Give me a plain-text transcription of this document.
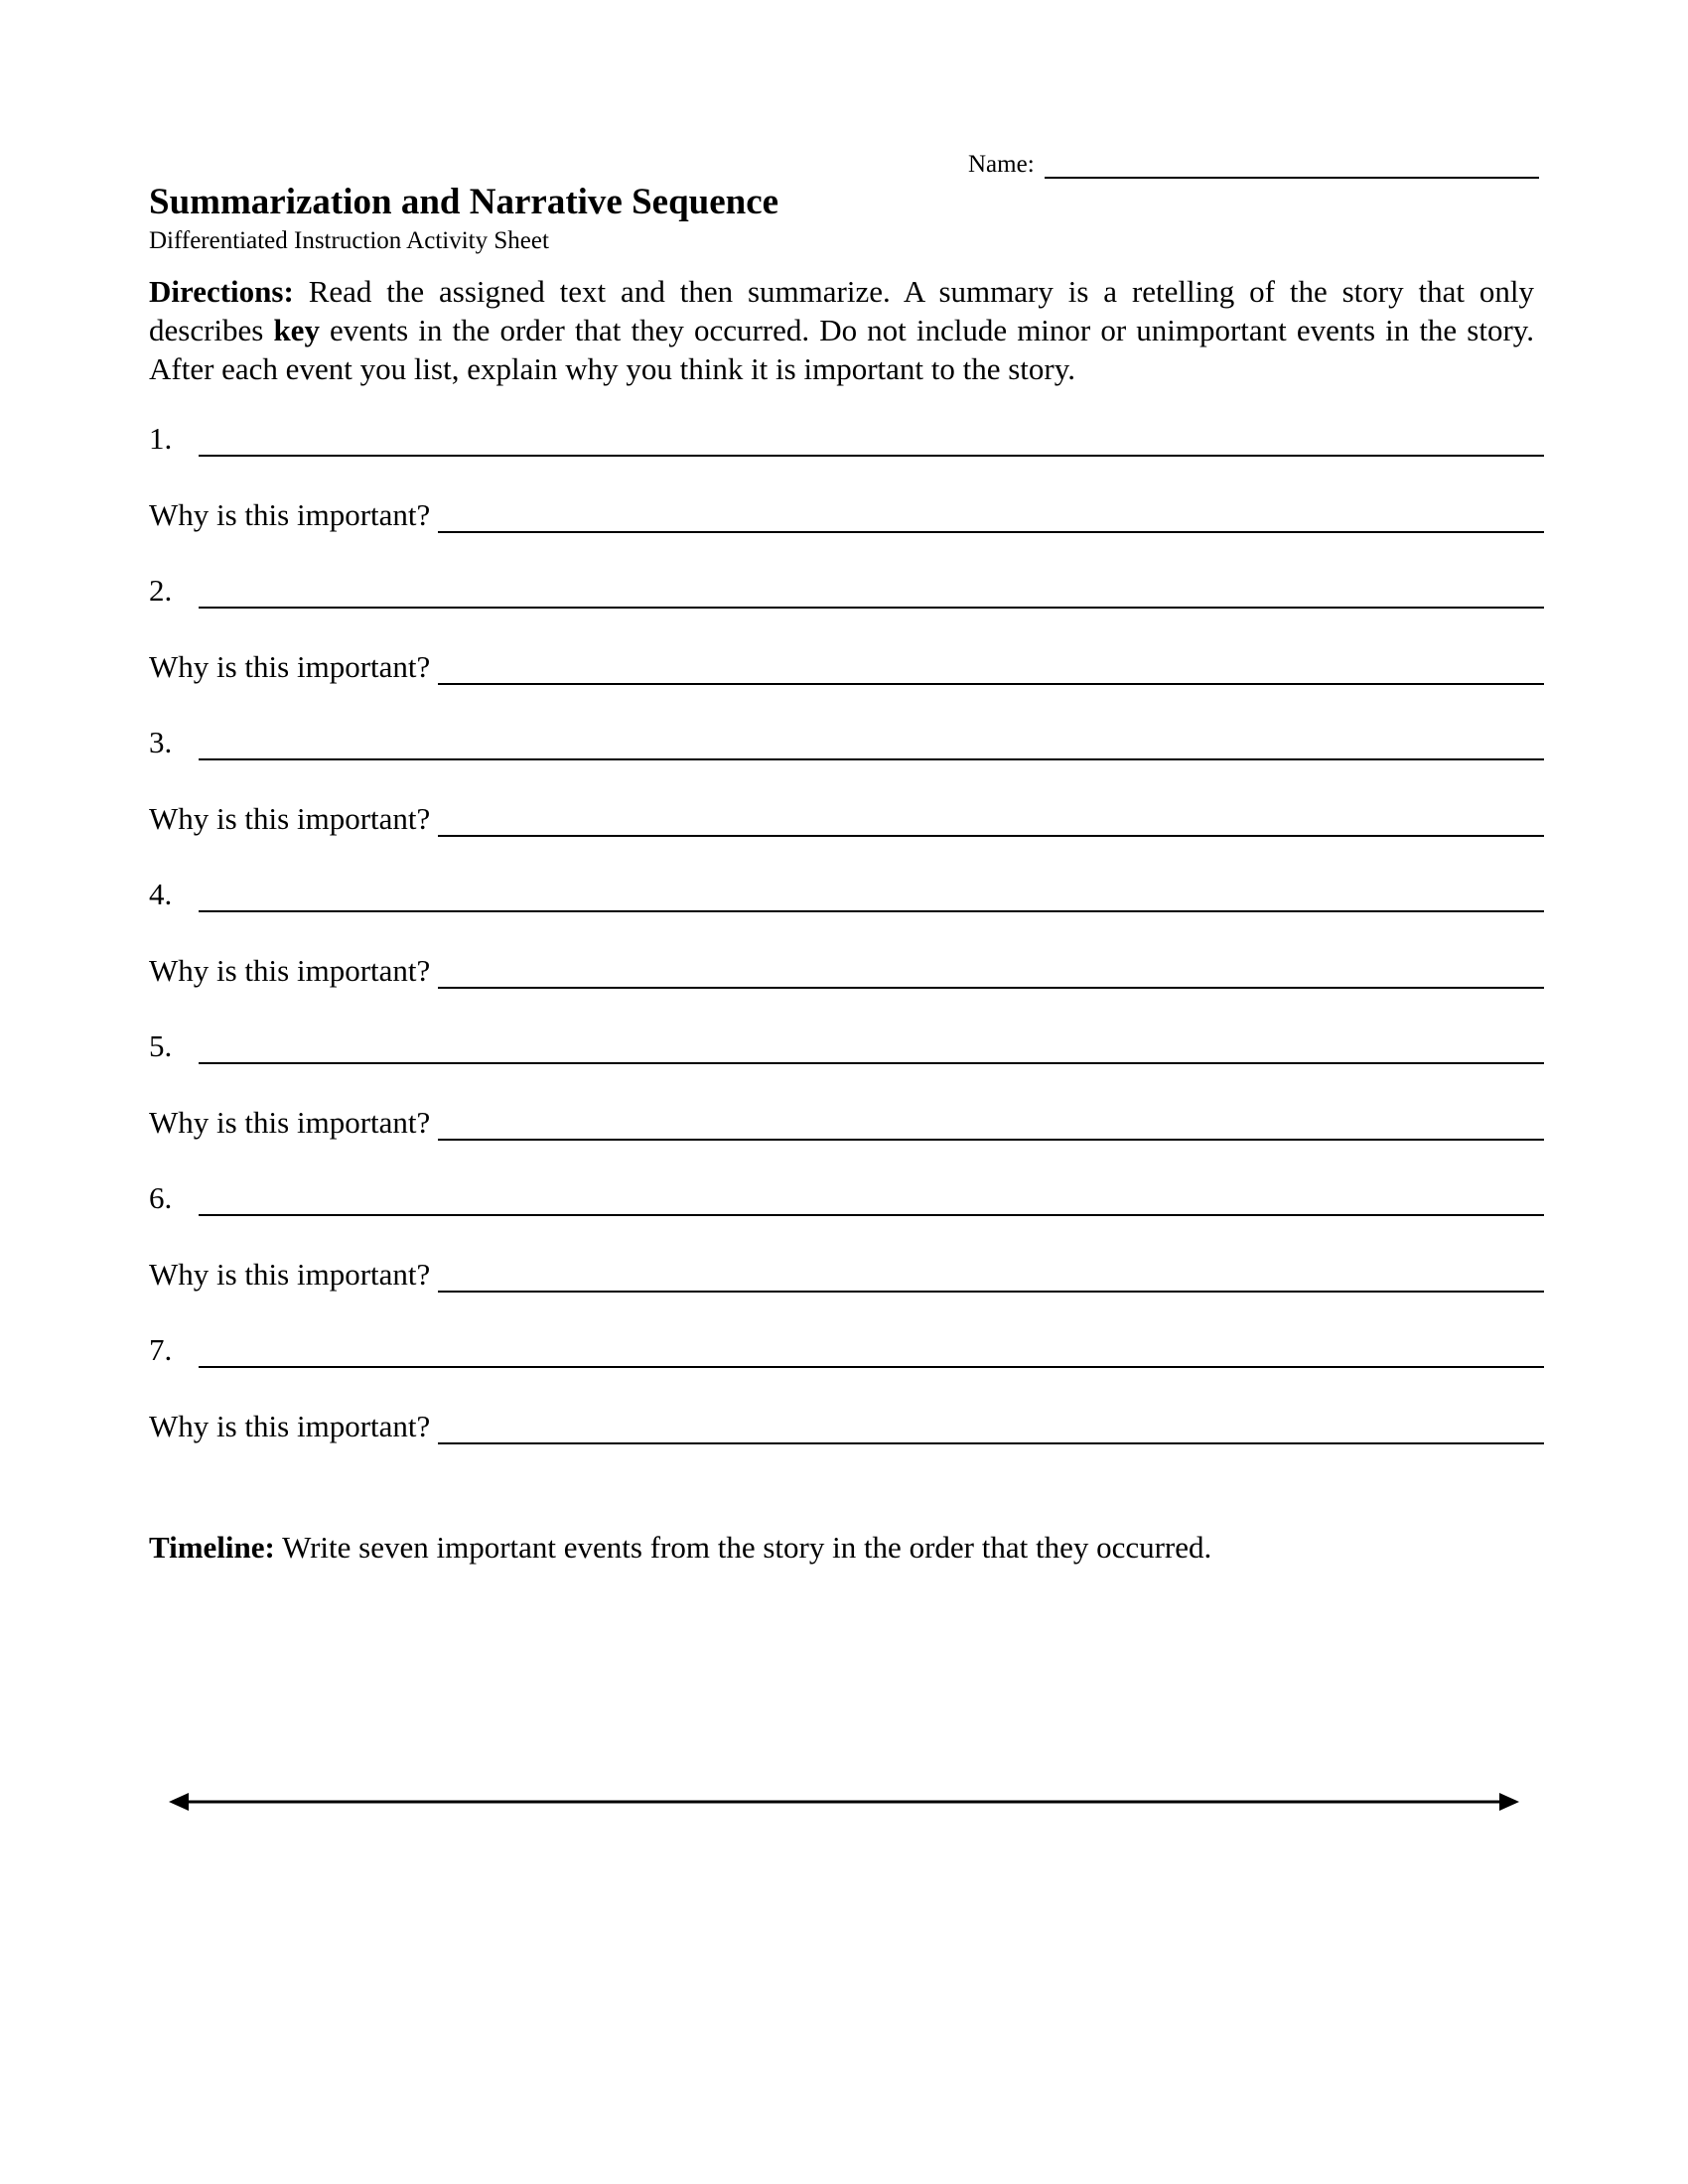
Name:
Summarization and Narrative Sequence
Differentiated Instruction Activity Sheet

Directions: Read the assigned text and then summarize. A summary is a retelling of the story that only describes key events in the order that they occurred. Do not include minor or unimportant events in the story. After each event you list, explain why you think it is important to the story.

1.
Why is this important?
2.
Why is this important?
3.
Why is this important?
4.
Why is this important?
5.
Why is this important?
6.
Why is this important?
7.
Why is this important?
Timeline: Write seven important events from the story in the order that they occurred.
